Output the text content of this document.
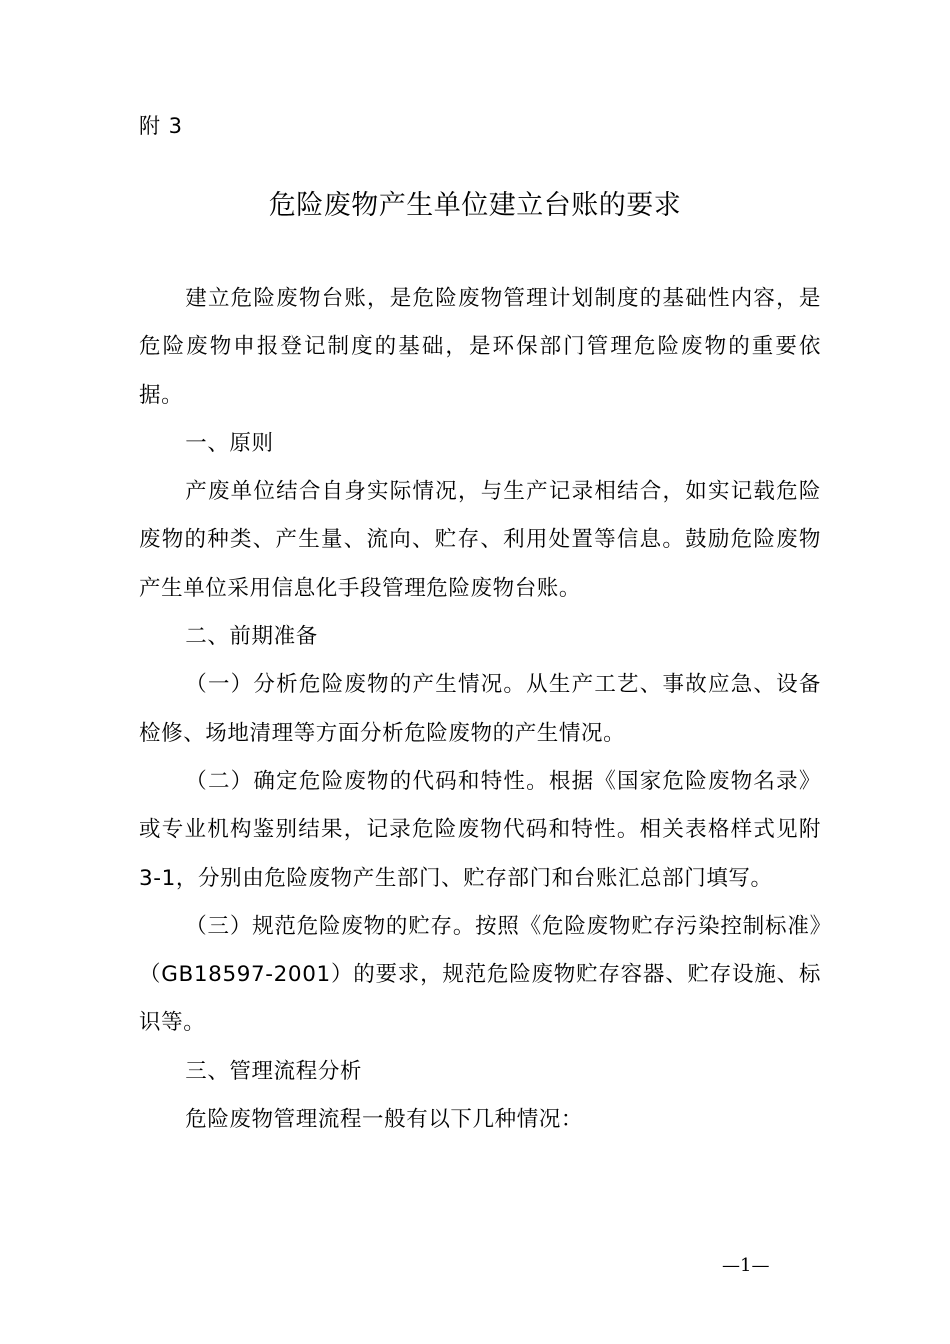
附 3
危险废物产生单位建立台账的要求

建立危险废物台账，是危险废物管理计划制度的基础性内容，是危险废物申报登记制度的基础，是环保部门管理危险废物的重要依据。

一、原则

产废单位结合自身实际情况，与生产记录相结合，如实记载危险废物的种类、产生量、流向、贮存、利用处置等信息。鼓励危险废物产生单位采用信息化手段管理危险废物台账。

二、前期准备

（一）分析危险废物的产生情况。从生产工艺、事故应急、设备检修、场地清理等方面分析危险废物的产生情况。

（二）确定危险废物的代码和特性。根据《国家危险废物名录》或专业机构鉴别结果，记录危险废物代码和特性。相关表格样式见附 3-1，分别由危险废物产生部门、贮存部门和台账汇总部门填写。

（三）规范危险废物的贮存。按照《危险废物贮存污染控制标准》（GB18597-2001）的要求，规范危险废物贮存容器、贮存设施、标识等。

三、管理流程分析

危险废物管理流程一般有以下几种情况：

—1—
